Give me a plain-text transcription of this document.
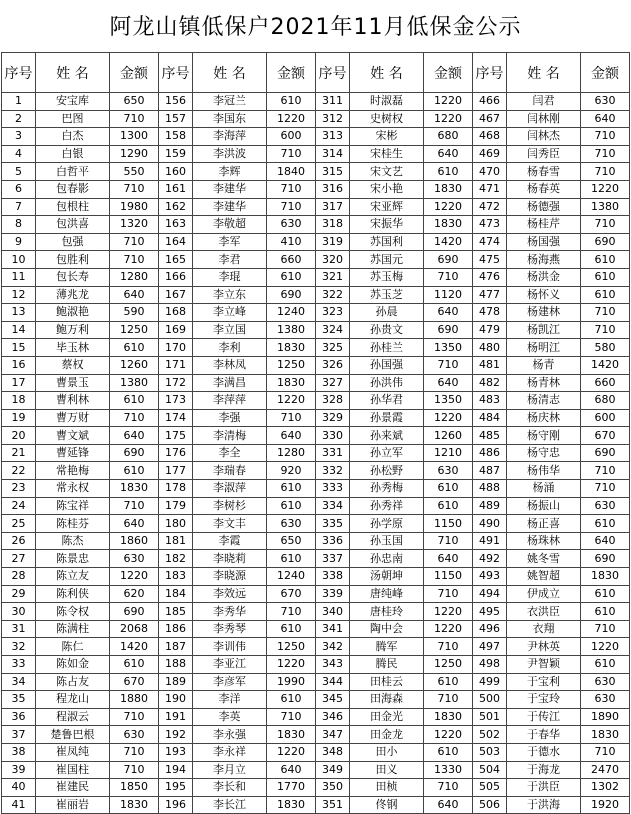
阿龙山镇低保户2021年11月低保金公示
序号	姓 名	金额	序号	姓 名	金额	序号	姓 名	金额	序号	姓 名	金额
1	安宝库	650	156	李冠兰	610	311	时淑磊	1220	466	闫君	630
2	巴图	710	157	李国东	1220	312	史树权	1220	467	闫林刚	640
3	白杰	1300	158	李海萍	600	313	宋彬	680	468	闫林杰	710
4	白银	1290	159	李洪波	710	314	宋桂生	640	469	闫秀臣	710
5	白哲平	550	160	李辉	1840	315	宋文艺	610	470	杨春雪	710
6	包春影	710	161	李建华	710	316	宋小艳	1830	471	杨春英	1220
7	包根柱	1980	162	李建华	710	317	宋亚辉	1220	472	杨德强	1380
8	包洪喜	1320	163	李敬超	630	318	宋振华	1830	473	杨桂芹	710
9	包强	710	164	李军	410	319	苏国利	1420	474	杨国强	690
10	包胜利	710	165	李君	660	320	苏国元	690	475	杨海燕	610
11	包长寿	1280	166	李琨	610	321	苏玉梅	710	476	杨洪金	610
12	薄兆龙	640	167	李立东	690	322	苏玉芝	1120	477	杨怀义	610
13	鲍淑艳	590	168	李立峰	1240	323	孙晨	640	478	杨建林	710
14	鲍万利	1250	169	李立国	1380	324	孙贵文	690	479	杨凯江	710
15	毕玉林	610	170	李利	1830	325	孙桂兰	1350	480	杨明江	580
16	蔡权	1260	171	李林凤	1250	326	孙国强	710	481	杨青	1420
17	曹景玉	1380	172	李满昌	1830	327	孙洪伟	640	482	杨青林	660
18	曹利林	610	173	李萍萍	1220	328	孙华君	1350	483	杨清志	680
19	曹万财	710	174	李强	710	329	孙景霞	1220	484	杨庆林	600
20	曹文斌	640	175	李清梅	640	330	孙来斌	1260	485	杨守刚	670
21	曹延锋	690	176	李全	1280	331	孙立军	1210	486	杨守忠	690
22	常艳梅	610	177	李瑞春	920	332	孙松野	630	487	杨伟华	710
23	常永权	1830	178	李淑萍	610	333	孙秀梅	610	488	杨涌	710
24	陈宝祥	710	179	李树杉	610	334	孙秀祥	610	489	杨振山	630
25	陈桂芬	640	180	李文丰	630	335	孙学原	1150	490	杨正喜	610
26	陈杰	1860	181	李霞	650	336	孙玉国	710	491	杨珠林	640
27	陈景忠	630	182	李晓莉	610	337	孙忠南	640	492	姚冬雪	690
28	陈立友	1220	183	李晓源	1240	338	汤朝坤	1150	493	姚智超	1830
29	陈利侠	620	184	李效远	670	339	唐纯峰	710	494	伊成立	610
30	陈令权	690	185	李秀华	710	340	唐桂玲	1220	495	衣洪臣	610
31	陈满柱	2068	186	李秀琴	610	341	陶中会	1220	496	衣翔	710
32	陈仁	1420	187	李训伟	1250	342	腾军	710	497	尹林英	1220
33	陈如金	610	188	李亚江	1220	343	腾民	1250	498	尹智颖	610
34	陈占友	670	189	李彦军	1990	344	田桂云	610	499	于宝利	630
35	程龙山	1880	190	李洋	610	345	田海森	710	500	于宝玲	630
36	程淑云	710	191	李英	710	346	田金光	1830	501	于传江	1890
37	楚鲁巴根	630	192	李永强	1830	347	田金龙	1220	502	于春华	1830
38	崔凤纯	710	193	李永祥	1220	348	田小	610	503	于德水	710
39	崔国柱	710	194	李月立	640	349	田义	1330	504	于海龙	2470
40	崔建民	1850	195	李长和	1770	350	田桢	710	505	于洪臣	1302
41	崔丽岩	1830	196	李长江	1830	351	佟钢	640	506	于洪海	1920
